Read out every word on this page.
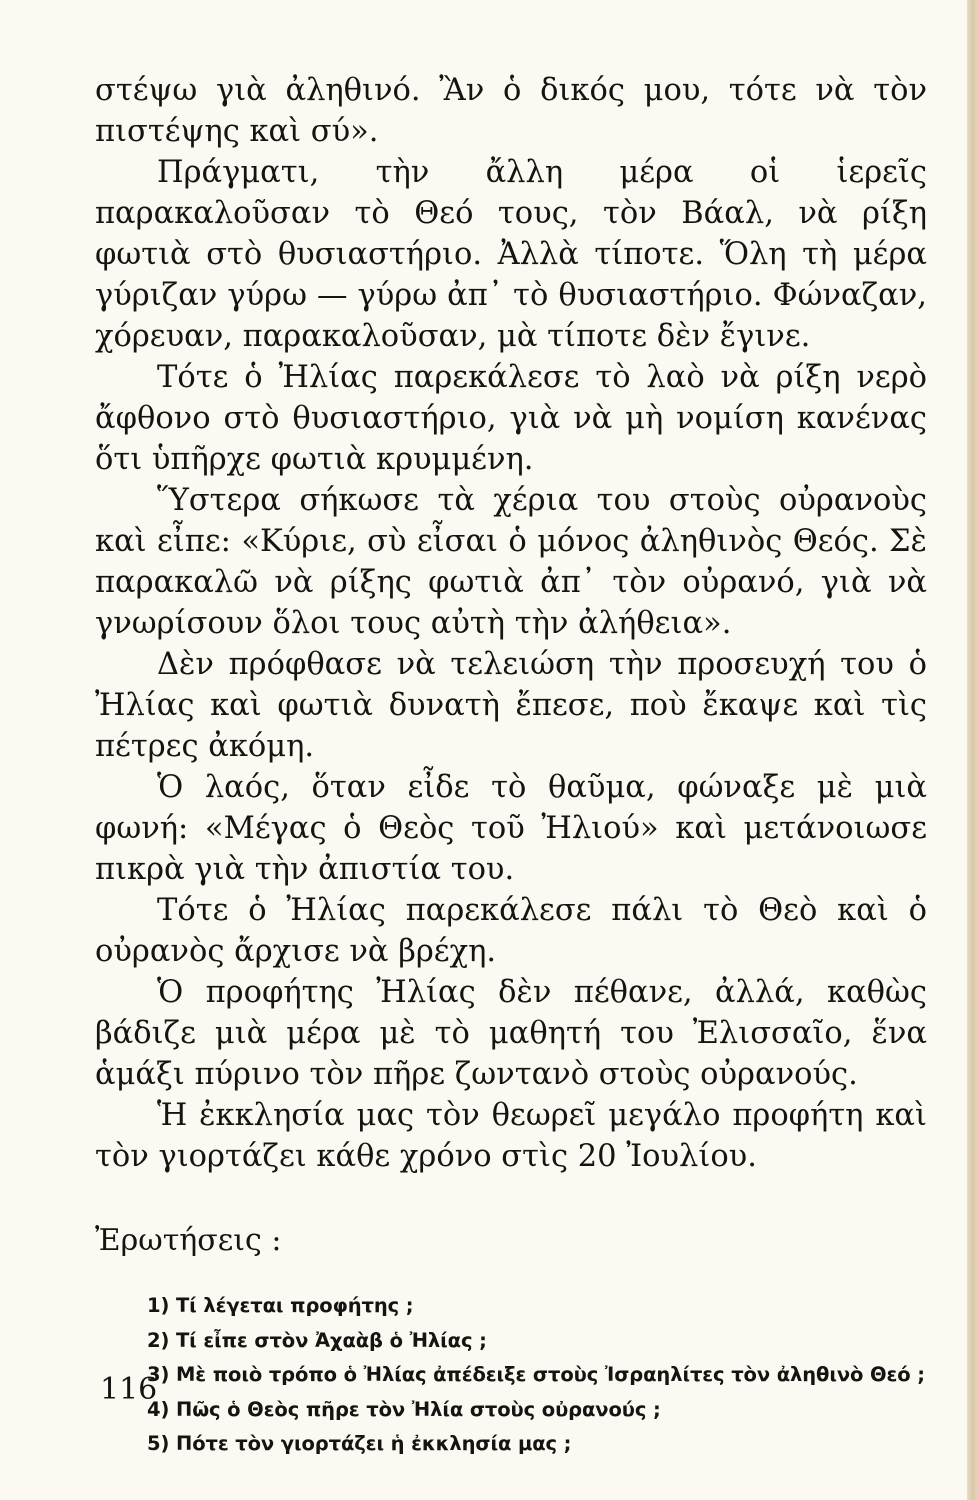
στέψω γιὰ ἀληθινό. Ἂν ὁ δικός μου, τότε νὰ τὸν πιστέψης καὶ σύ».

Πράγματι, τὴν ἄλλη μέρα οἱ ἱερεῖς παρακαλοῦσαν τὸ Θεό τους, τὸν Βάαλ, νὰ ρίξη φωτιὰ στὸ θυσιαστήριο. Ἀλλὰ τίποτε. Ὅλη τὴ μέρα γύριζαν γύρω — γύρω ἀπ᾽ τὸ θυσιαστήριο. Φώναζαν, χόρευαν, παρακαλοῦσαν, μὰ τίποτε δὲν ἔγινε.

Τότε ὁ Ἠλίας παρεκάλεσε τὸ λαὸ νὰ ρίξη νερὸ ἄφθονο στὸ θυσιαστήριο, γιὰ νὰ μὴ νομίση κανένας ὅτι ὑπῆρχε φωτιὰ κρυμμένη.

Ὕστερα σήκωσε τὰ χέρια του στοὺς οὐρανοὺς καὶ εἶπε: «Κύριε, σὺ εἶσαι ὁ μόνος ἀληθινὸς Θεός. Σὲ παρακαλῶ νὰ ρίξης φωτιὰ ἀπ᾽ τὸν οὐρανό, γιὰ νὰ γνωρίσουν ὅλοι τους αὐτὴ τὴν ἀλήθεια».

Δὲν πρόφθασε νὰ τελειώση τὴν προσευχή του ὁ Ἠλίας καὶ φωτιὰ δυνατὴ ἔπεσε, ποὺ ἔκαψε καὶ τὶς πέτρες ἀκόμη.

Ὁ λαός, ὅταν εἶδε τὸ θαῦμα, φώναξε μὲ μιὰ φωνή: «Μέγας ὁ Θεὸς τοῦ Ἠλιού» καὶ μετάνοιωσε πικρὰ γιὰ τὴν ἀπιστία του.

Τότε ὁ Ἠλίας παρεκάλεσε πάλι τὸ Θεὸ καὶ ὁ οὐρανὸς ἄρχισε νὰ βρέχη.

Ὁ προφήτης Ἠλίας δὲν πέθανε, ἀλλά, καθὼς βάδιζε μιὰ μέρα μὲ τὸ μαθητή του Ἐλισσαῖο, ἕνα ἁμάξι πύρινο τὸν πῆρε ζωντανὸ στοὺς οὐρανούς.

Ἡ ἐκκλησία μας τὸν θεωρεῖ μεγάλο προφήτη καὶ τὸν γιορτάζει κάθε χρόνο στὶς 20 Ἰουλίου.

Ἐρωτήσεις :
1) Τί λέγεται προφήτης ;
2) Τί εἶπε στὸν Ἀχαὰβ ὁ Ἠλίας ;
3) Μὲ ποιὸ τρόπο ὁ Ἠλίας ἀπέδειξε στοὺς Ἰσραηλίτες τὸν ἀληθινὸ Θεό ;
4) Πῶς ὁ Θεὸς πῆρε τὸν Ἠλία στοὺς οὐρανούς ;
5) Πότε τὸν γιορτάζει ἡ ἐκκλησία μας ;
116
